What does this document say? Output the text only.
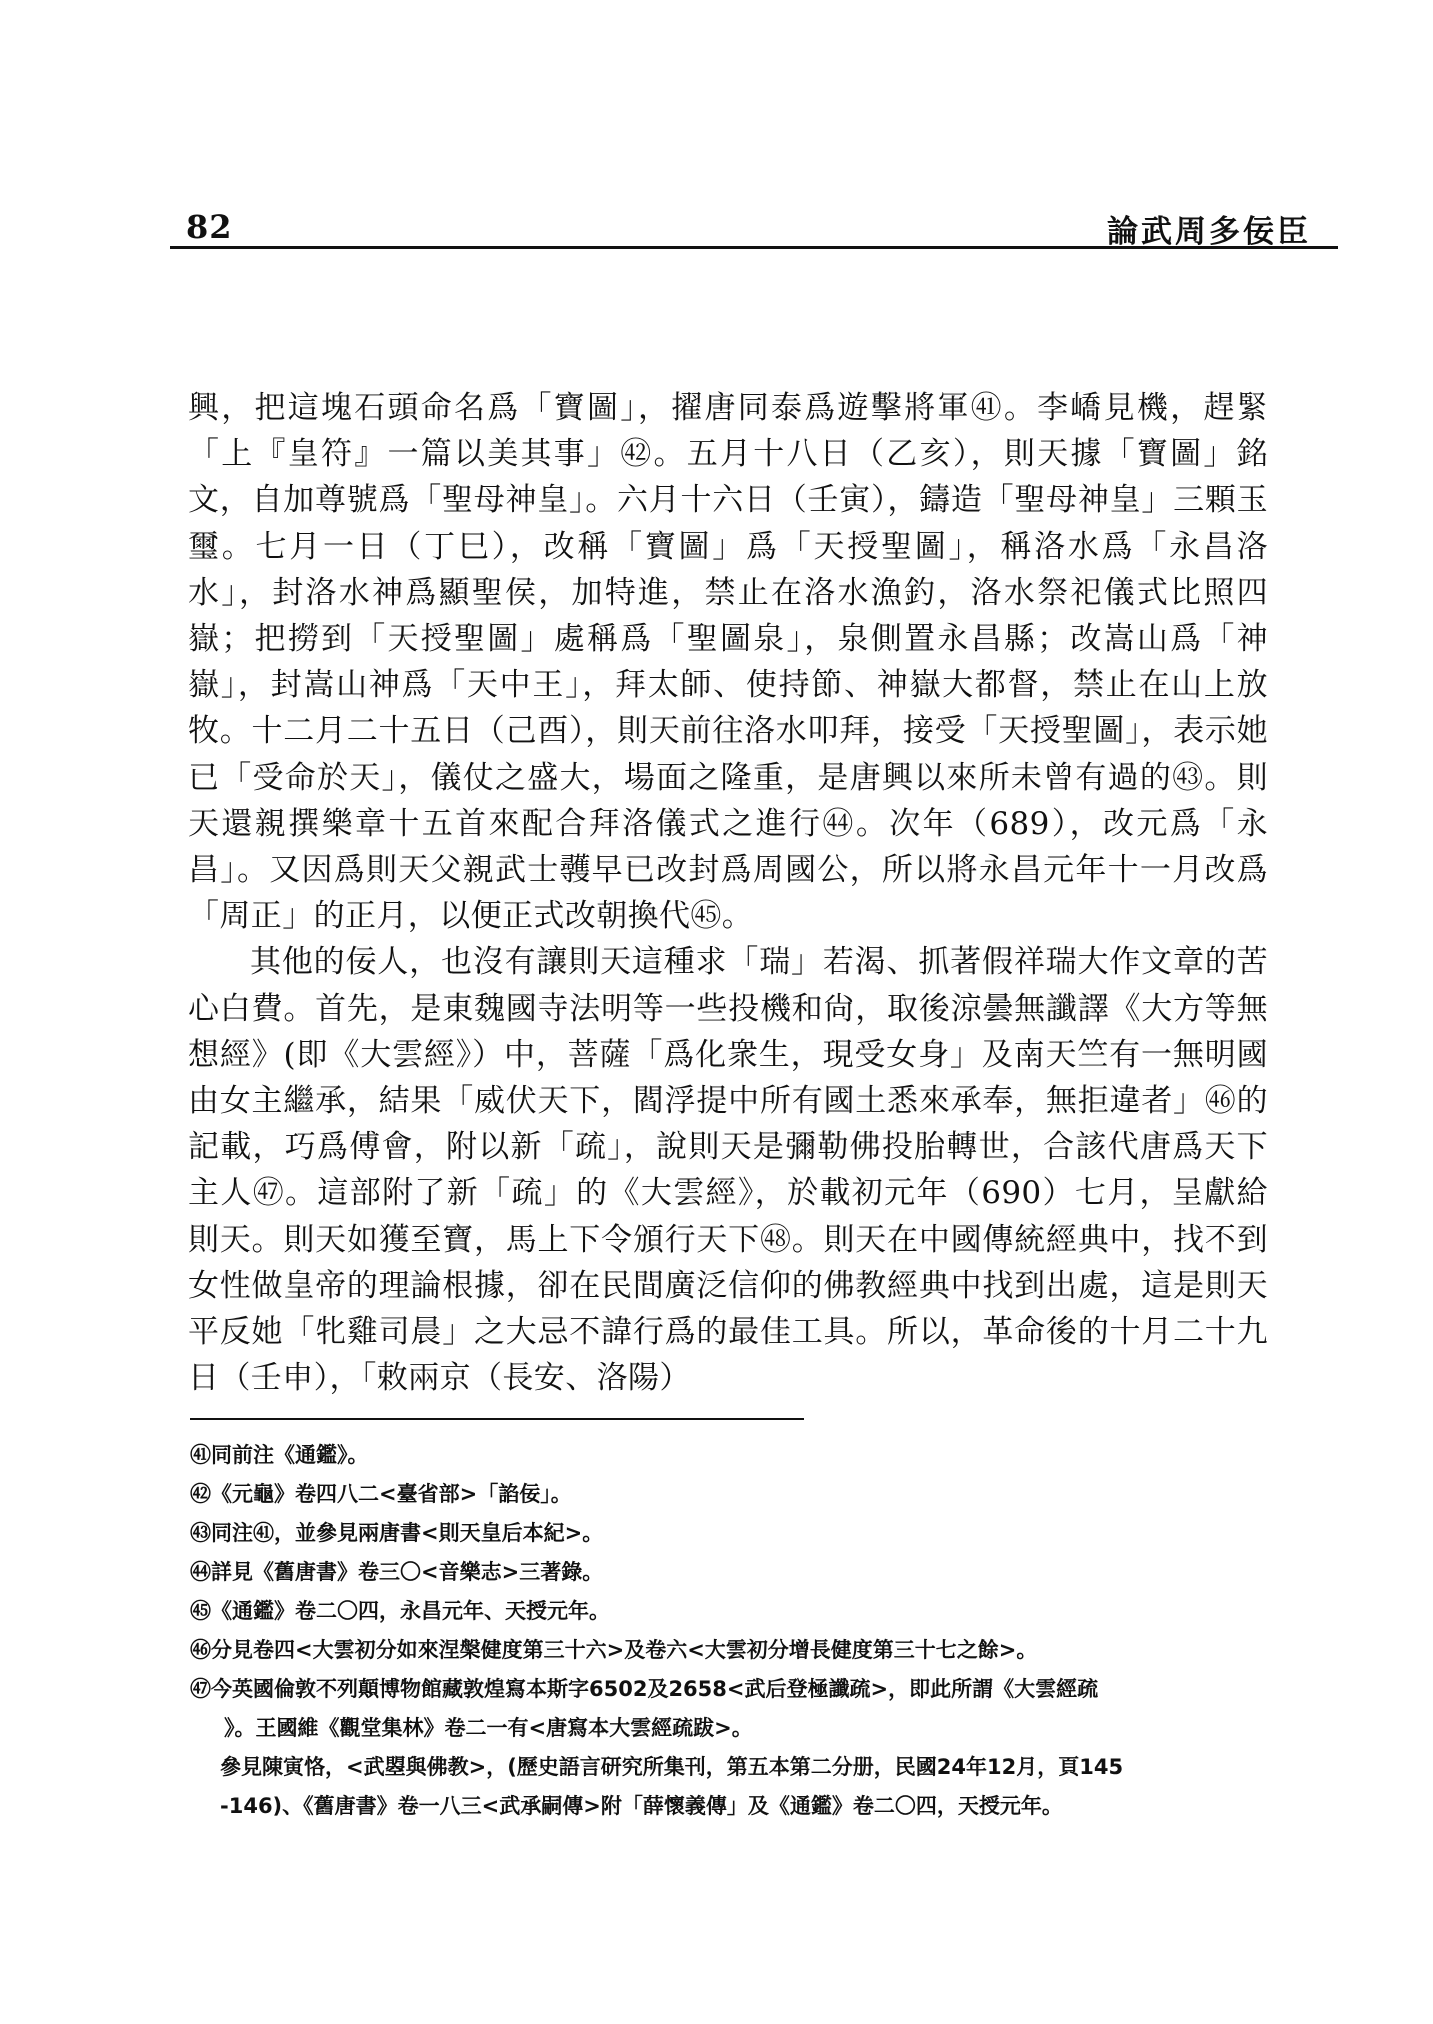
82	論武周多佞臣

興，把這塊石頭命名爲「寶圖」，擢唐同泰爲遊擊將軍㊶。李嶠見機，趕緊「上『皇符』一篇以美其事」㊷。五月十八日（乙亥），則天據「寶圖」銘文，自加尊號爲「聖母神皇」。六月十六日（壬寅），鑄造「聖母神皇」三顆玉璽。七月一日（丁巳），改稱「寶圖」爲「天授聖圖」，稱洛水爲「永昌洛水」，封洛水神爲顯聖侯，加特進，禁止在洛水漁釣，洛水祭祀儀式比照四嶽；把撈到「天授聖圖」處稱爲「聖圖泉」，泉側置永昌縣；改嵩山爲「神嶽」，封嵩山神爲「天中王」，拜太師、使持節、神嶽大都督，禁止在山上放牧。十二月二十五日（己酉），則天前往洛水叩拜，接受「天授聖圖」，表示她已「受命於天」，儀仗之盛大，場面之隆重，是唐興以來所未曾有過的㊸。則天還親撰樂章十五首來配合拜洛儀式之進行㊹。次年（689），改元爲「永昌」。又因爲則天父親武士彠早已改封爲周國公，所以將永昌元年十一月改爲「周正」的正月，以便正式改朝換代㊺。

其他的佞人，也沒有讓則天這種求「瑞」若渴、抓著假祥瑞大作文章的苦心白費。首先，是東魏國寺法明等一些投機和尙，取後涼曇無讖譯《大方等無想經》(即《大雲經》）中，菩薩「爲化衆生，現受女身」及南天竺有一無明國由女主繼承，結果「威伏天下，閻浮提中所有國土悉來承奉，無拒違者」㊻的記載，巧爲傅會，附以新「疏」，說則天是彌勒佛投胎轉世，合該代唐爲天下主人㊼。這部附了新「疏」的《大雲經》，於載初元年（690）七月，呈獻給則天。則天如獲至寶，馬上下令頒行天下㊽。則天在中國傳統經典中，找不到女性做皇帝的理論根據，卻在民間廣泛信仰的佛教經典中找到出處，這是則天平反她「牝雞司晨」之大忌不諱行爲的最佳工具。所以，革命後的十月二十九日（壬申），「敕兩京（長安、洛陽）

㊶同前注《通鑑》。

㊷《元龜》卷四八二<臺省部>「諂佞」。

㊸同注㊶，並參見兩唐書<則天皇后本紀>。

㊹詳見《舊唐書》卷三〇<音樂志>三著錄。

㊺《通鑑》卷二〇四，永昌元年、天授元年。

㊻分見卷四<大雲初分如來涅槃健度第三十六>及卷六<大雲初分增長健度第三十七之餘>。

㊼今英國倫敦不列顛博物館藏敦煌寫本斯字6502及2658<武后登極讖疏>，即此所謂《大雲經疏

》。王國維《觀堂集林》卷二一有<唐寫本大雲經疏跋>。

參見陳寅恪，<武曌與佛教>，(歷史語言研究所集刊，第五本第二分册，民國24年12月，頁145

-146)、《舊唐書》卷一八三<武承嗣傳>附「薛懷義傳」及《通鑑》卷二〇四，天授元年。
